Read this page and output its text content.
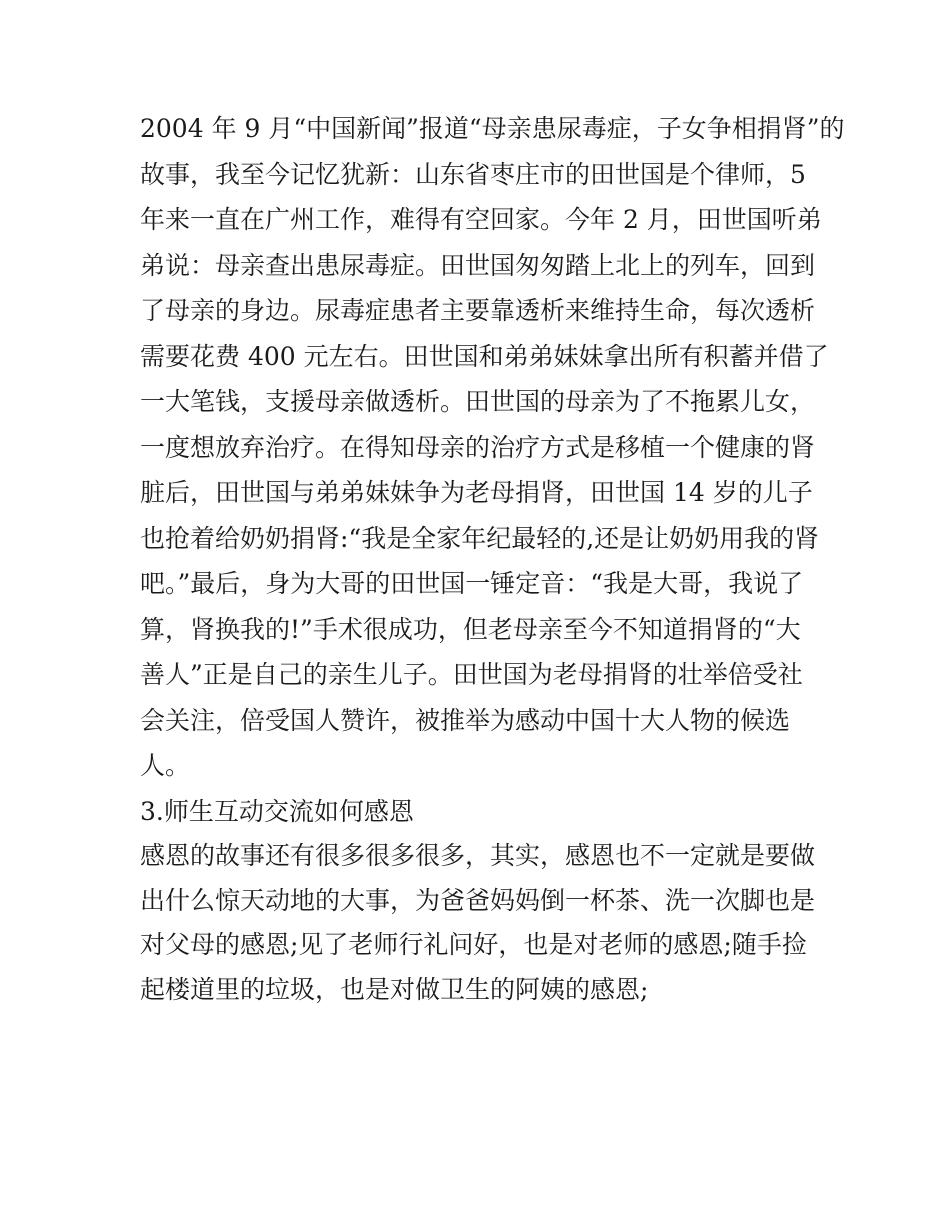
2004 年 9 月“中国新闻”报道“母亲患尿毒症，子女争相捐肾”的
故事，我至今记忆犹新：山东省枣庄市的田世国是个律师，5
年来一直在广州工作，难得有空回家。今年 2 月，田世国听弟
弟说：母亲查出患尿毒症。田世国匆匆踏上北上的列车，回到
了母亲的身边。尿毒症患者主要靠透析来维持生命，每次透析
需要花费 400 元左右。田世国和弟弟妹妹拿出所有积蓄并借了
一大笔钱，支援母亲做透析。田世国的母亲为了不拖累儿女，
一度想放弃治疗。在得知母亲的治疗方式是移植一个健康的肾
脏后，田世国与弟弟妹妹争为老母捐肾，田世国 14 岁的儿子
也抢着给奶奶捐肾:“我是全家年纪最轻的,还是让奶奶用我的肾
吧。”最后，身为大哥的田世国一锤定音：“我是大哥，我说了
算，肾换我的!”手术很成功，但老母亲至今不知道捐肾的“大
善人”正是自己的亲生儿子。田世国为老母捐肾的壮举倍受社
会关注，倍受国人赞许，被推举为感动中国十大人物的候选
人。
3.师生互动交流如何感恩
感恩的故事还有很多很多很多，其实，感恩也不一定就是要做
出什么惊天动地的大事，为爸爸妈妈倒一杯茶、洗一次脚也是
对父母的感恩;见了老师行礼问好，也是对老师的感恩;随手捡
起楼道里的垃圾，也是对做卫生的阿姨的感恩;
